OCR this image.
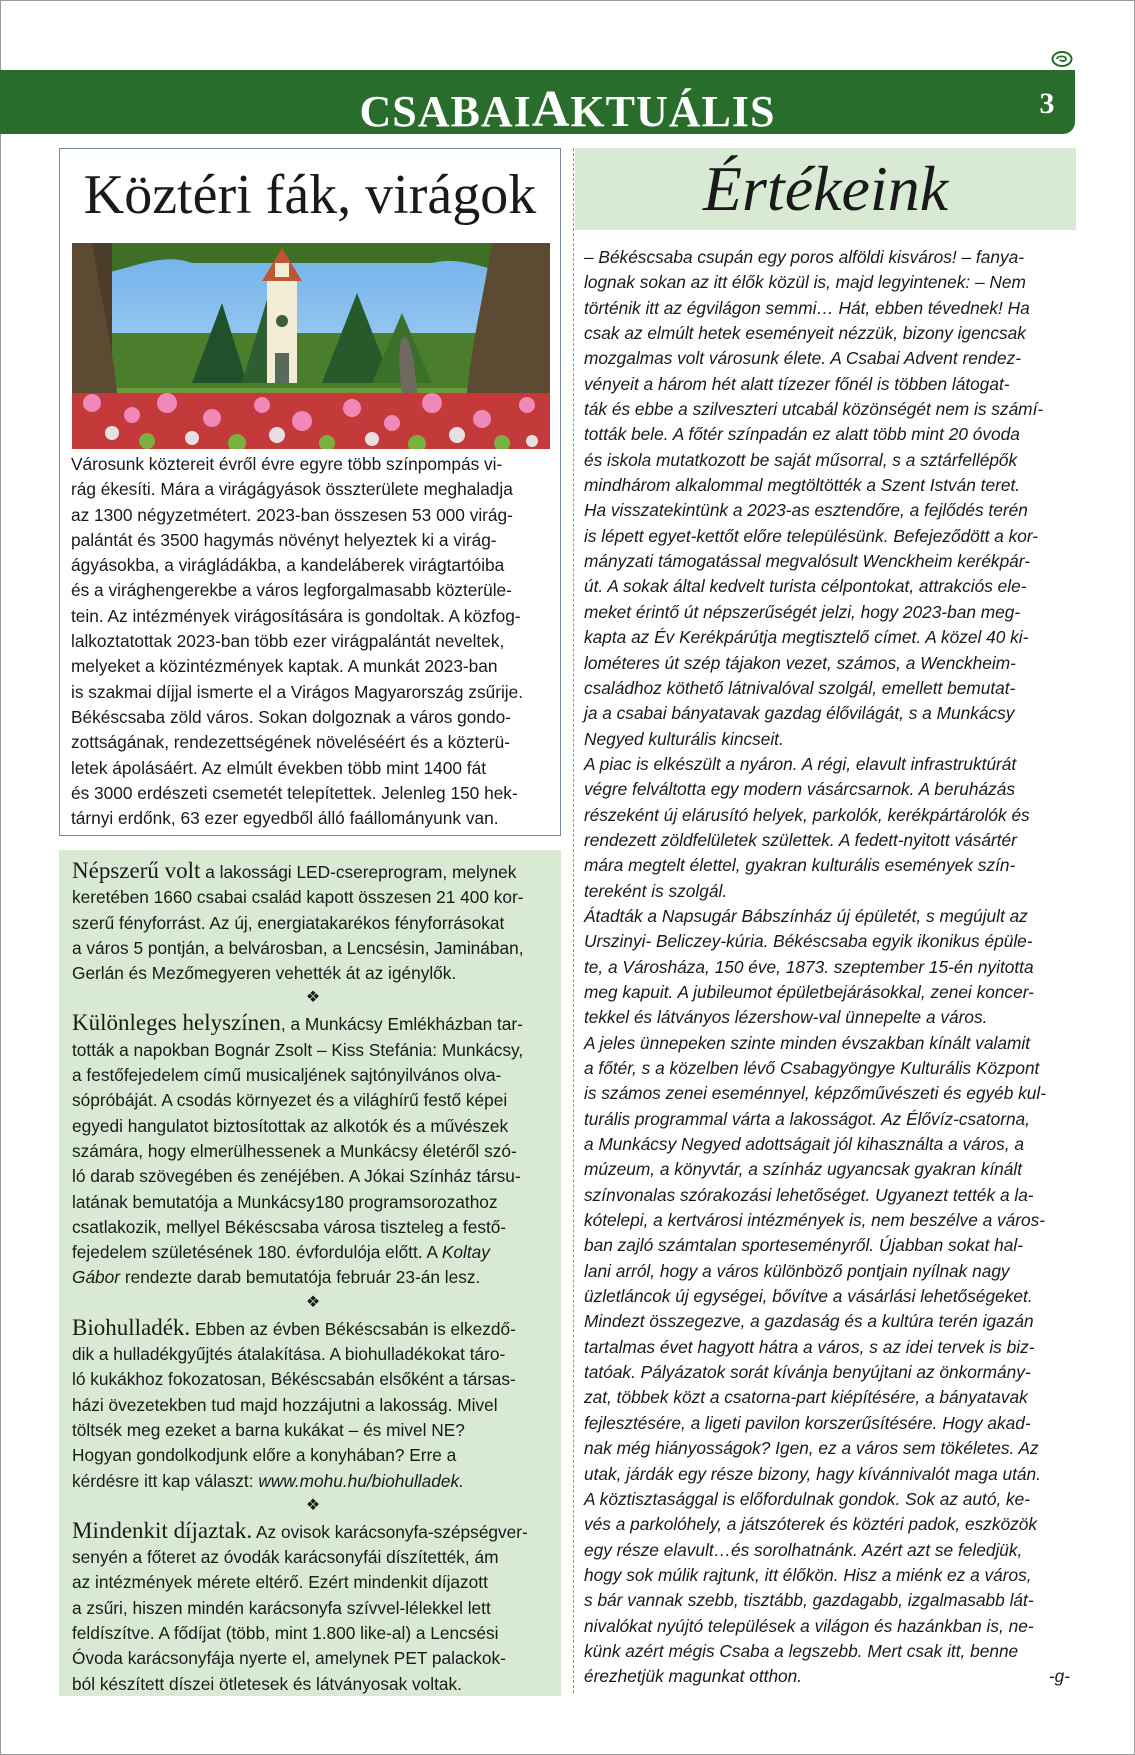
CSABAIAKTUÁLIS	3
Köztéri fák, virágok
Városunk köztereit évről évre egyre több színpompás vi-
rág ékesíti. Mára a virágágyások összterülete meghaladja
az 1300 négyzetmétert. 2023-ban összesen 53 000 virág-
palántát és 3500 hagymás növényt helyeztek ki a virág-
ágyásokba, a virágládákba, a kandeláberek virágtartóiba
és a virághengerekbe a város legforgalmasabb közterüle-
tein. Az intézmények virágosítására is gondoltak. A közfog-
lalkoztatottak 2023-ban több ezer virágpalántát neveltek,
melyeket a közintézmények kaptak. A munkát 2023-ban
is szakmai díjjal ismerte el a Virágos Magyarország zsűrije.
Békéscsaba zöld város. Sokan dolgoznak a város gondo-
zottságának, rendezettségének növeléséért és a közterü-
letek ápolásáért. Az elmúlt években több mint 1400 fát
és 3000 erdészeti csemetét telepítettek. Jelenleg 150 hek-
tárnyi erdőnk, 63 ezer egyedből álló faállományunk van.

Népszerű volt a lakossági LED-csereprogram, melynek
keretében 1660 csabai család kapott összesen 21 400 kor-
szerű fényforrást. Az új, energiatakarékos fényforrásokat
a város 5 pontján, a belvárosban, a Lencsésin, Jaminában,
Gerlán és Mezőmegyeren vehették át az igénylők.

❖

Különleges helyszínen, a Munkácsy Emlékházban tar-
tották a napokban Bognár Zsolt – Kiss Stefánia: Munkácsy,
a festőfejedelem című musicaljének sajtónyilvános olva-
sópróbáját. A csodás környezet és a világhírű festő képei
egyedi hangulatot biztosítottak az alkotók és a művészek
számára, hogy elmerülhessenek a Munkácsy életéről szó-
ló darab szövegében és zenéjében. A Jókai Színház társu-
latának bemutatója a Munkácsy180 programsorozathoz
csatlakozik, mellyel Békéscsaba városa tiszteleg a festő-
fejedelem születésének 180. évfordulója előtt. A Koltay
Gábor rendezte darab bemutatója február 23-án lesz.

❖

Biohulladék. Ebben az évben Békéscsabán is elkezdő-
dik a hulladékgyűjtés átalakítása. A biohulladékokat táro-
ló kukákhoz fokozatosan, Békéscsabán elsőként a társas-
házi övezetekben tud majd hozzájutni a lakosság. Mivel
töltsék meg ezeket a barna kukákat – és mivel NE?
Hogyan gondolkodjunk előre a konyhában? Erre a
kérdésre itt kap választ: www.mohu.hu/biohulladek.

❖

Mindenkit díjaztak. Az ovisok karácsonyfa-szépségver-
senyén a főteret az óvodák karácsonyfái díszítették, ám
az intézmények mérete eltérő. Ezért mindenkit díjazott
a zsűri, hiszen mindén karácsonyfa szívvel-lélekkel lett
feldíszítve. A fődíjat (több, mint 1.800 like-al) a Lencsési
Óvoda karácsonyfája nyerte el, amelynek PET palackok-
ból készített díszei ötletesek és látványosak voltak.

Értékeink
– Békéscsaba csupán egy poros alföldi kisváros! – fanya-
lognak sokan az itt élők közül is, majd legyintenek: – Nem
történik itt az égvilágon semmi… Hát, ebben tévednek! Ha
csak az elmúlt hetek eseményeit nézzük, bizony igencsak
mozgalmas volt városunk élete. A Csabai Advent rendez-
vényeit a három hét alatt tízezer főnél is többen látogat-
ták és ebbe a szilveszteri utcabál közönségét nem is számí-
tották bele. A főtér színpadán ez alatt több mint 20 óvoda
és iskola mutatkozott be saját műsorral, s a sztárfellépők
mindhárom alkalommal megtöltötték a Szent István teret.
Ha visszatekintünk a 2023-as esztendőre, a fejlődés terén
is lépett egyet-kettőt előre településünk. Befejeződött a kor-
mányzati támogatással megvalósult Wenckheim kerékpár-
út. A sokak által kedvelt turista célpontokat, attrakciós ele-
meket érintő út népszerűségét jelzi, hogy 2023-ban meg-
kapta az Év Kerékpárútja megtisztelő címet. A közel 40 ki-
lométeres út szép tájakon vezet, számos, a Wenckheim-
családhoz köthető látnivalóval szolgál, emellett bemutat-
ja a csabai bányatavak gazdag élővilágát, s a Munkácsy
Negyed kulturális kincseit.
A piac is elkészült a nyáron. A régi, elavult infrastruktúrát
végre felváltotta egy modern vásárcsarnok. A beruházás
részeként új elárusító helyek, parkolók, kerékpártárolók és
rendezett zöldfelületek születtek. A fedett-nyitott vásártér
mára megtelt élettel, gyakran kulturális események szín-
tereként is szolgál.
Átadták a Napsugár Bábszínház új épületét, s megújult az
Urszinyi- Beliczey-kúria. Békéscsaba egyik ikonikus épüle-
te, a Városháza, 150 éve, 1873. szeptember 15-én nyitotta
meg kapuit. A jubileumot épületbejárásokkal, zenei koncer-
tekkel és látványos lézershow-val ünnepelte a város.
A jeles ünnepeken szinte minden évszakban kínált valamit
a főtér, s a közelben lévő Csabagyöngye Kulturális Központ
is számos zenei eseménnyel, képzőművészeti és egyéb kul-
turális programmal várta a lakosságot. Az Élővíz-csatorna,
a Munkácsy Negyed adottságait jól kihasználta a város, a
múzeum, a könyvtár, a színház ugyancsak gyakran kínált
színvonalas szórakozási lehetőséget. Ugyanezt tették a la-
kótelepi, a kertvárosi intézmények is, nem beszélve a város-
ban zajló számtalan sporteseményről. Újabban sokat hal-
lani arról, hogy a város különböző pontjain nyílnak nagy
üzletláncok új egységei, bővítve a vásárlási lehetőségeket.
Mindezt összegezve, a gazdaság és a kultúra terén igazán
tartalmas évet hagyott hátra a város, s az idei tervek is biz-
tatóak. Pályázatok sorát kívánja benyújtani az önkormány-
zat, többek közt a csatorna-part kiépítésére, a bányatavak
fejlesztésére, a ligeti pavilon korszerűsítésére. Hogy akad-
nak még hiányosságok? Igen, ez a város sem tökéletes. Az
utak, járdák egy része bizony, hagy kívánnivalót maga után.
A köztisztasággal is előfordulnak gondok. Sok az autó, ke-
vés a parkolóhely, a játszóterek és köztéri padok, eszközök
egy része elavult…és sorolhatnánk. Azért azt se feledjük,
hogy sok múlik rajtunk, itt élőkön. Hisz a miénk ez a város,
s bár vannak szebb, tisztább, gazdagabb, izgalmasabb lát-
nivalókat nyújtó települések a világon és hazánkban is, ne-
künk azért mégis Csaba a legszebb. Mert csak itt, benne

érezhetjük magunkat otthon.	-g-
